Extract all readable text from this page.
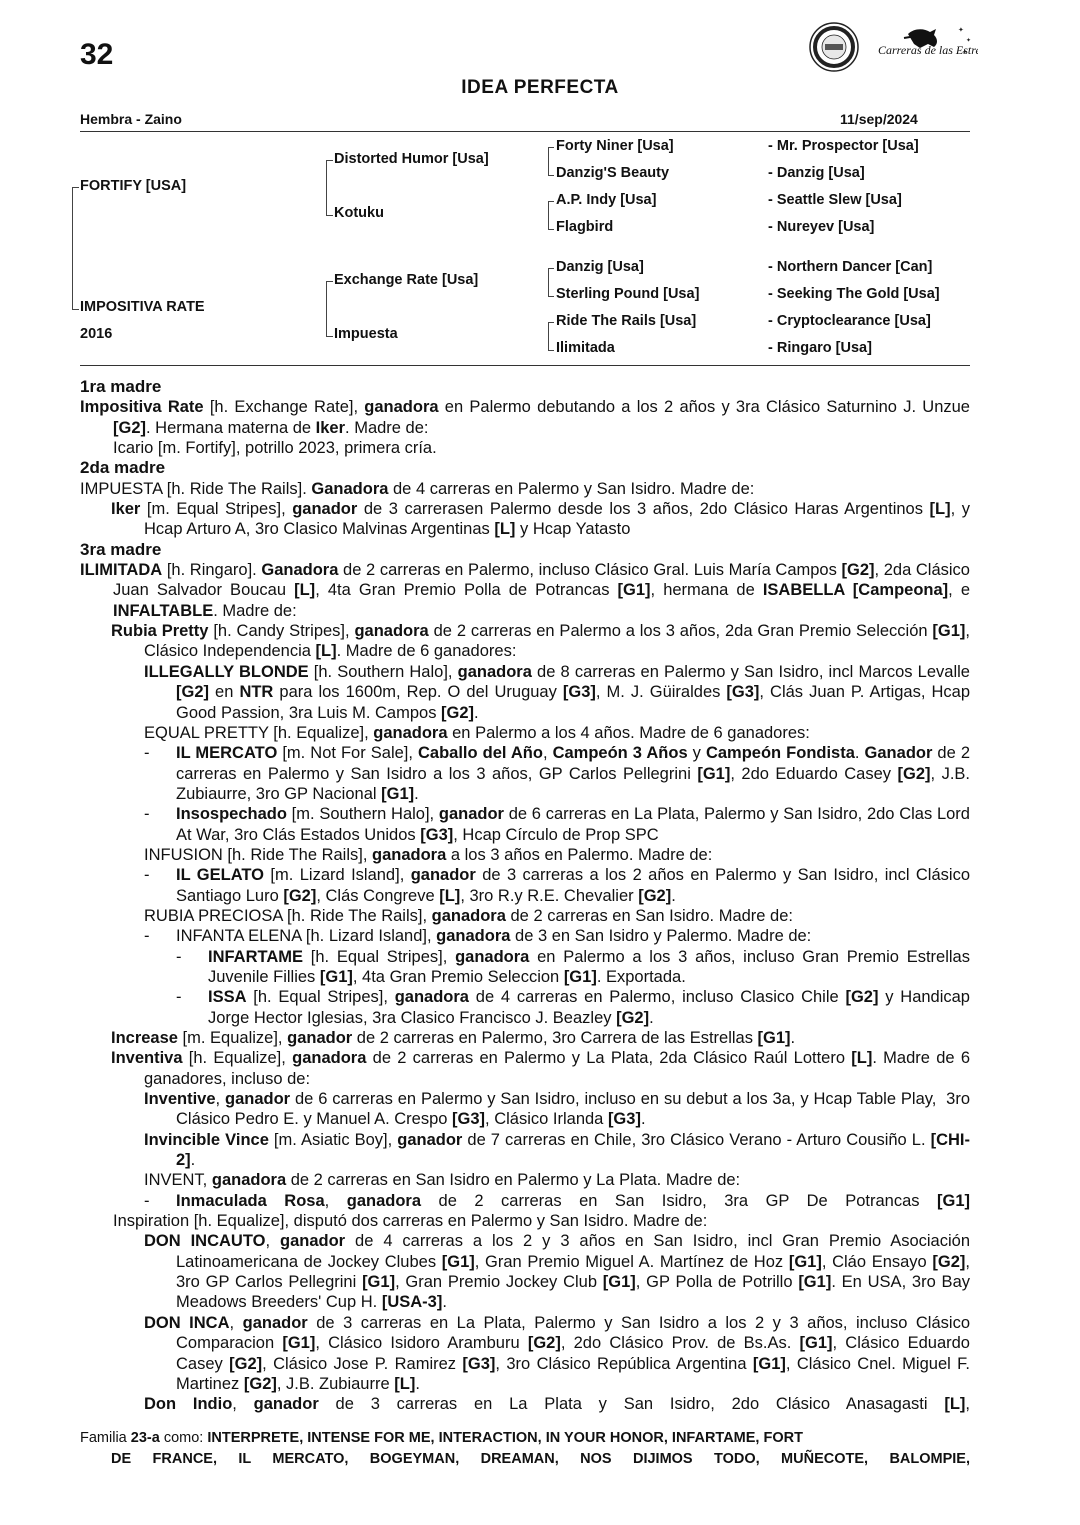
32
IDEA PERFECTA
✦
✦
✦
Carreras de las Estr
Hembra - Zaino	11/sep/2024
FORTIFY [USA]
IMPOSITIVA RATE
2016
Distorted Humor [Usa]
Kotuku
Exchange Rate [Usa]
Impuesta
Forty Niner [Usa]
Danzig'S Beauty
A.P. Indy [Usa]
Flagbird
Danzig [Usa]
Sterling Pound [Usa]
Ride The Rails [Usa]
Ilimitada
- Mr. Prospector [Usa]
- Danzig [Usa]
- Seattle Slew [Usa]
- Nureyev [Usa]
- Northern Dancer [Can]
- Seeking The Gold [Usa]
- Cryptoclearance [Usa]
- Ringaro [Usa]
1ra madre
Impositiva Rate [h. Exchange Rate], ganadora en Palermo debutando a los 2 años y 3ra Clásico Saturnino J. Unzue [G2]. Hermana materna de Iker. Madre de:
Icario [m. Fortify], potrillo 2023, primera cría.
2da madre
IMPUESTA [h. Ride The Rails]. Ganadora de 4 carreras en Palermo y San Isidro. Madre de:
Iker [m. Equal Stripes], ganador de 3 carrerasen Palermo desde los 3 años, 2do Clásico Haras Argentinos [L], y Hcap Arturo A, 3ro Clasico Malvinas Argentinas [L] y Hcap Yatasto
3ra madre
ILIMITADA [h. Ringaro]. Ganadora de 2 carreras en Palermo, incluso Clásico Gral. Luis María Campos [G2], 2da Clásico Juan Salvador Boucau [L], 4ta Gran Premio Polla de Potrancas [G1], hermana de ISABELLA [Campeona], e INFALTABLE. Madre de:
Rubia Pretty [h. Candy Stripes], ganadora de 2 carreras en Palermo a los 3 años, 2da Gran Premio Selección [G1], Clásico Independencia [L]. Madre de 6 ganadores:
ILLEGALLY BLONDE [h. Southern Halo], ganadora de 8 carreras en Palermo y San Isidro, incl Marcos Levalle [G2] en NTR para los 1600m, Rep. O del Uruguay [G3], M. J. Güiraldes [G3], Clás Juan P. Artigas, Hcap Good Passion, 3ra Luis M. Campos [G2].
EQUAL PRETTY [h. Equalize], ganadora en Palermo a los 4 años. Madre de 6 ganadores:
- IL MERCATO [m. Not For Sale], Caballo del Año, Campeón 3 Años y Campeón Fondista. Ganador de 2 carreras en Palermo y San Isidro a los 3 años, GP Carlos Pellegrini [G1], 2do Eduardo Casey [G2], J.B. Zubiaurre, 3ro GP Nacional [G1].
- Insospechado [m. Southern Halo], ganador de 6 carreras en La Plata, Palermo y San Isidro, 2do Clas Lord At War, 3ro Clás Estados Unidos [G3], Hcap Círculo de Prop SPC
INFUSION [h. Ride The Rails], ganadora a los 3 años en Palermo. Madre de:
- IL GELATO [m. Lizard Island], ganador de 3 carreras a los 2 años en Palermo y San Isidro, incl Clásico Santiago Luro [G2], Clás Congreve [L], 3ro R.y R.E. Chevalier [G2].
RUBIA PRECIOSA [h. Ride The Rails], ganadora de 2 carreras en San Isidro. Madre de:
- INFANTA ELENA [h. Lizard Island], ganadora de 3 en San Isidro y Palermo. Madre de:
- INFARTAME [h. Equal Stripes], ganadora en Palermo a los 3 años, incluso Gran Premio Estrellas Juvenile Fillies [G1], 4ta Gran Premio Seleccion [G1]. Exportada.
- ISSA [h. Equal Stripes], ganadora de 4 carreras en Palermo, incluso Clasico Chile [G2] y Handicap Jorge Hector Iglesias, 3ra Clasico Francisco J. Beazley [G2].
Increase [m. Equalize], ganador de 2 carreras en Palermo, 3ro Carrera de las Estrellas [G1].
Inventiva [h. Equalize], ganadora de 2 carreras en Palermo y La Plata, 2da Clásico Raúl Lottero [L]. Madre de 6 ganadores, incluso de:
Inventive, ganador de 6 carreras en Palermo y San Isidro, incluso en su debut a los 3a, y Hcap Table Play,  3ro Clásico Pedro E. y Manuel A. Crespo [G3], Clásico Irlanda [G3].
Invincible Vince [m. Asiatic Boy], ganador de 7 carreras en Chile, 3ro Clásico Verano - Arturo Cousiño L. [CHI-2].
INVENT, ganadora de 2 carreras en San Isidro en Palermo y La Plata. Madre de:
- Inmaculada Rosa, ganadora de 2 carreras en San Isidro, 3ra GP De Potrancas [G1]
Inspiration [h. Equalize], disputó dos carreras en Palermo y San Isidro. Madre de:
DON INCAUTO, ganador de 4 carreras a los 2 y 3 años en San Isidro, incl Gran Premio Asociación Latinoamericana de Jockey Clubes [G1], Gran Premio Miguel A. Martínez de Hoz [G1], Cláo Ensayo [G2], 3ro GP Carlos Pellegrini [G1], Gran Premio Jockey Club [G1], GP Polla de Potrillo [G1]. En USA, 3ro Bay Meadows Breeders' Cup H. [USA-3].
DON INCA, ganador de 3 carreras en La Plata, Palermo y San Isidro a los 2 y 3 años, incluso Clásico Comparacion [G1], Clásico Isidoro Aramburu [G2], 2do Clásico Prov. de Bs.As. [G1], Clásico Eduardo Casey [G2], Clásico Jose P. Ramirez [G3], 3ro Clásico República Argentina [G1], Clásico Cnel. Miguel F. Martinez [G2], J.B. Zubiaurre [L].
Don Indio, ganador de 3 carreras en La Plata y San Isidro, 2do Clásico Anasagasti [L],
Familia 23-a como: INTERPRETE, INTENSE FOR ME, INTERACTION, IN YOUR HONOR, INFARTAME, FORT
DE FRANCE, IL MERCATO, BOGEYMAN, DREAMAN, NOS DIJIMOS TODO, MUÑECOTE, BALOMPIE,
